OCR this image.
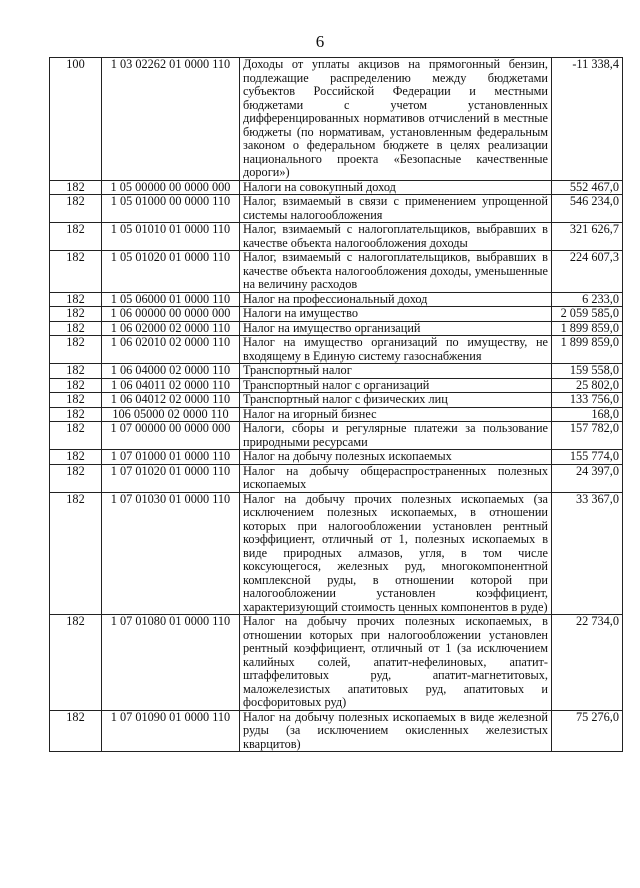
6
100	1 03 02262 01 0000 110	Доходы от уплаты акцизов на прямогонный бензин, подлежащие распределению между бюджетами субъектов Российской Федерации и местными бюджетами с учетом установленных дифференцированных нормативов отчислений в местные бюджеты (по нормативам, установленным федеральным законом о федеральном бюджете в целях реализации национального проекта «Безопасные качественные дороги»)	-11 338,4
182	1 05 00000 00 0000 000	Налоги на совокупный доход	552 467,0
182	1 05 01000 00 0000 110	Налог, взимаемый в связи с применением упрощенной системы налогообложения	546 234,0
182	1 05 01010 01 0000 110	Налог, взимаемый с налогоплательщиков, выбравших в качестве объекта налогообложения доходы	321 626,7
182	1 05 01020 01 0000 110	Налог, взимаемый с налогоплательщиков, выбравших в качестве объекта налогообложения доходы, уменьшенные на величину расходов	224 607,3
182	1 05 06000 01 0000 110	Налог на профессиональный доход	6 233,0
182	1 06 00000 00 0000 000	Налоги на имущество	2 059 585,0
182	1 06 02000 02 0000 110	Налог на имущество организаций	1 899 859,0
182	1 06 02010 02 0000 110	Налог на имущество организаций по имуществу, не входящему в Единую систему газоснабжения	1 899 859,0
182	1 06 04000 02 0000 110	Транспортный налог	159 558,0
182	1 06 04011 02 0000 110	Транспортный налог с организаций	25 802,0
182	1 06 04012 02 0000 110	Транспортный налог с физических лиц	133 756,0
182	106 05000 02 0000 110	Налог на игорный бизнес	168,0
182	1 07 00000 00 0000 000	Налоги, сборы и регулярные платежи за пользование природными ресурсами	157 782,0
182	1 07 01000 01 0000 110	Налог на добычу полезных ископаемых	155 774,0
182	1 07 01020 01 0000 110	Налог на добычу общераспространенных полезных ископаемых	24 397,0
182	1 07 01030 01 0000 110	Налог на добычу прочих полезных ископаемых (за исключением полезных ископаемых, в отношении которых при налогообложении установлен рентный коэффициент, отличный от 1, полезных ископаемых в виде природных алмазов, угля, в том числе коксующегося, железных руд, многокомпонентной комплексной руды, в отношении которой при налогообложении установлен коэффициент, характеризующий стоимость ценных компонентов в руде)	33 367,0
182	1 07 01080 01 0000 110	Налог на добычу прочих полезных ископаемых, в отношении которых при налогообложении установлен рентный коэффициент, отличный от 1 (за исключением калийных солей, апатит-нефелиновых, апатит-штаффелитовых руд, апатит-магнетитовых, маложелезистых апатитовых руд, апатитовых и фосфоритовых руд)	22 734,0
182	1 07 01090 01 0000 110	Налог на добычу полезных ископаемых в виде железной руды (за исключением окисленных железистых кварцитов)	75 276,0
